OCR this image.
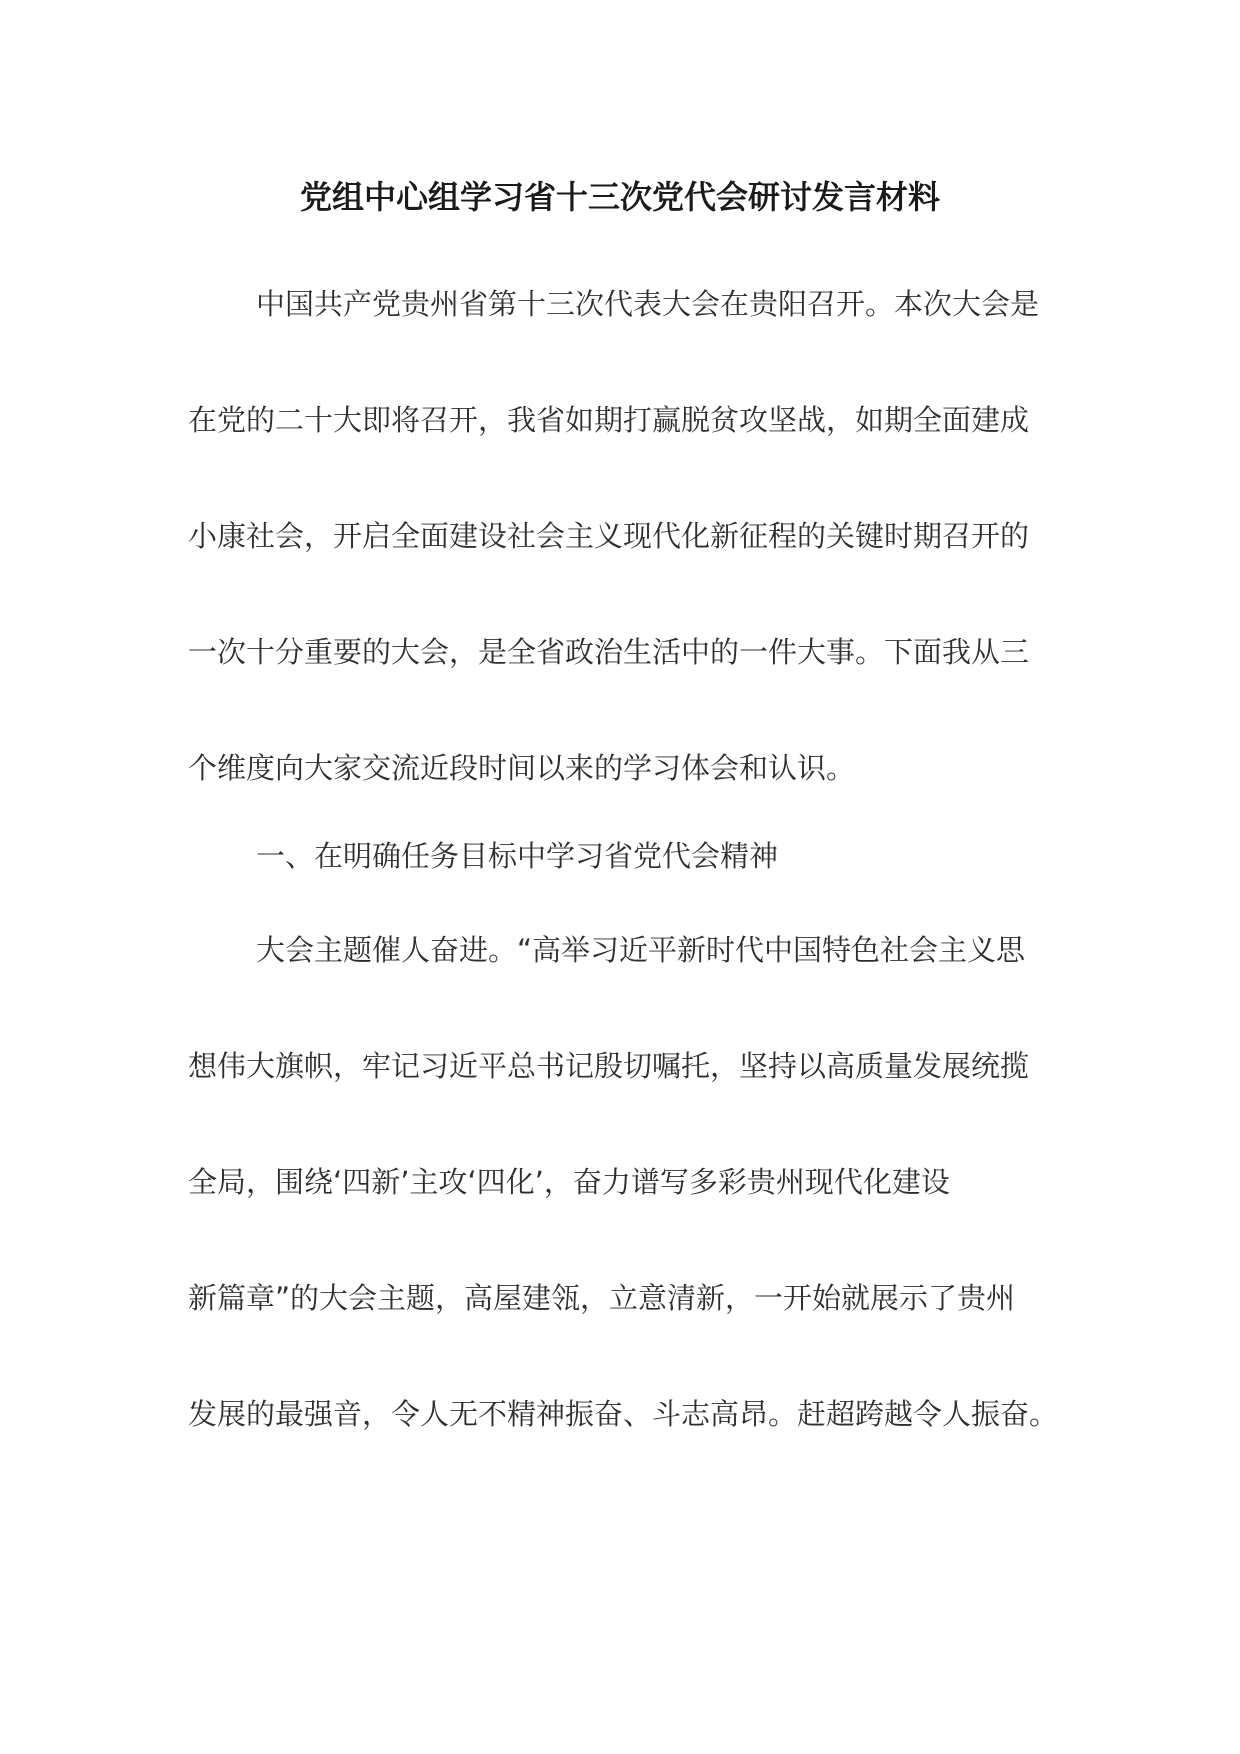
党组中心组学习省十三次党代会研讨发言材料
中国共产党贵州省第十三次代表大会在贵阳召开。本次大会是
在党的二十大即将召开，我省如期打赢脱贫攻坚战，如期全面建成
小康社会，开启全面建设社会主义现代化新征程的关键时期召开的
一次十分重要的大会，是全省政治生活中的一件大事。下面我从三
个维度向大家交流近段时间以来的学习体会和认识。
一、在明确任务目标中学习省党代会精神
大会主题催人奋进。“高举习近平新时代中国特色社会主义思
想伟大旗帜，牢记习近平总书记殷切嘱托，坚持以高质量发展统揽
全局，围绕‘四新’主攻‘四化’，奋力谱写多彩贵州现代化建设
新篇章”的大会主题，高屋建瓴，立意清新，一开始就展示了贵州
发展的最强音，令人无不精神振奋、斗志高昂。赶超跨越令人振奋。
